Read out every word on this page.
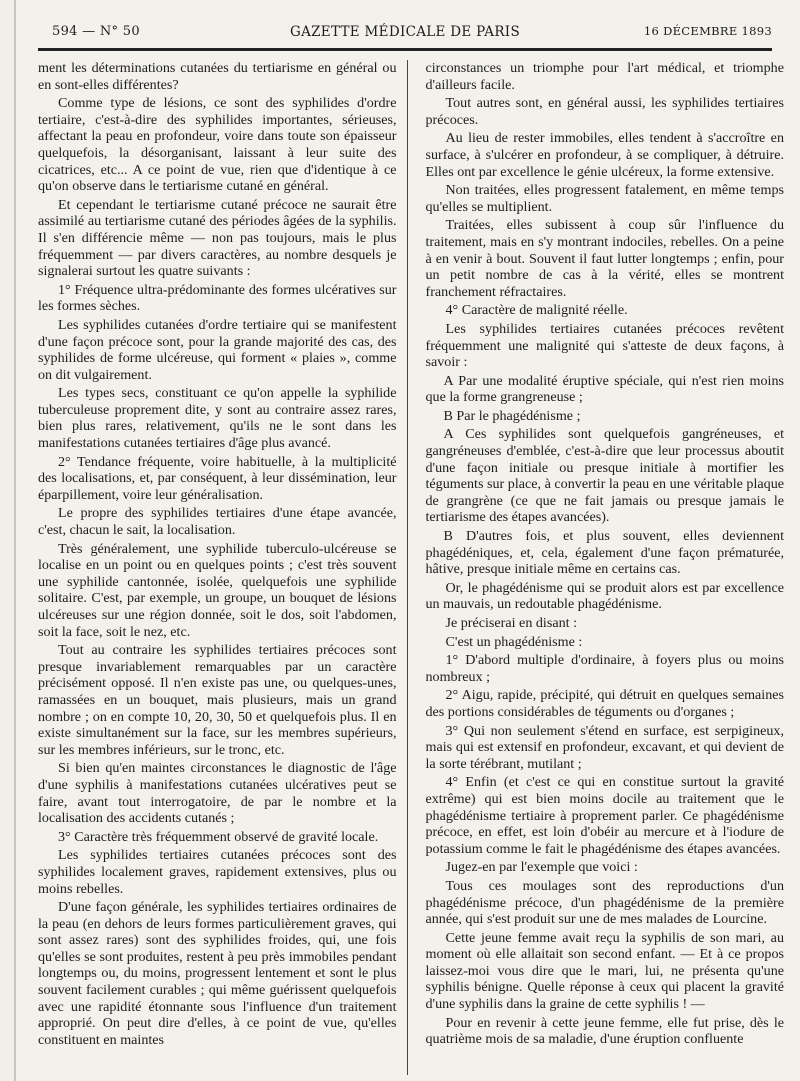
594 — N° 50	GAZETTE MÉDICALE DE PARIS	16 DÉCEMBRE 1893

ment les déterminations cutanées du tertiarisme en général ou en sont-elles différentes?

Comme type de lésions, ce sont des syphilides d'ordre tertiaire, c'est-à-dire des syphilides importantes, sérieuses, affectant la peau en profondeur, voire dans toute son épaisseur quelquefois, la désorganisant, laissant à leur suite des cicatrices, etc... A ce point de vue, rien que d'identique à ce qu'on observe dans le tertiarisme cutané en général.

Et cependant le tertiarisme cutané précoce ne saurait être assimilé au tertiarisme cutané des périodes âgées de la syphilis. Il s'en différencie même — non pas toujours, mais le plus fréquemment — par divers caractères, au nombre desquels je signalerai surtout les quatre suivants :

1° Fréquence ultra-prédominante des formes ulcératives sur les formes sèches.

Les syphilides cutanées d'ordre tertiaire qui se manifestent d'une façon précoce sont, pour la grande majorité des cas, des syphilides de forme ulcéreuse, qui forment « plaies », comme on dit vulgairement.

Les types secs, constituant ce qu'on appelle la syphilide tuberculeuse proprement dite, y sont au contraire assez rares, bien plus rares, relativement, qu'ils ne le sont dans les manifestations cutanées tertiaires d'âge plus avancé.

2° Tendance fréquente, voire habituelle, à la multiplicité des localisations, et, par conséquent, à leur dissémination, leur éparpillement, voire leur généralisation.

Le propre des syphilides tertiaires d'une étape avancée, c'est, chacun le sait, la localisation.

Très généralement, une syphilide tuberculo-ulcéreuse se localise en un point ou en quelques points ; c'est très souvent une syphilide cantonnée, isolée, quelquefois une syphilide solitaire. C'est, par exemple, un groupe, un bouquet de lésions ulcéreuses sur une région donnée, soit le dos, soit l'abdomen, soit la face, soit le nez, etc.

Tout au contraire les syphilides tertiaires précoces sont presque invariablement remarquables par un caractère précisément opposé. Il n'en existe pas une, ou quelques-unes, ramassées en un bouquet, mais plusieurs, mais un grand nombre ; on en compte 10, 20, 30, 50 et quelquefois plus. Il en existe simultanément sur la face, sur les membres supérieurs, sur les membres inférieurs, sur le tronc, etc.

Si bien qu'en maintes circonstances le diagnostic de l'âge d'une syphilis à manifestations cutanées ulcératives peut se faire, avant tout interrogatoire, de par le nombre et la localisation des accidents cutanés ;

3° Caractère très fréquemment observé de gravité locale.

Les syphilides tertiaires cutanées précoces sont des syphilides localement graves, rapidement extensives, plus ou moins rebelles.

D'une façon générale, les syphilides tertiaires ordinaires de la peau (en dehors de leurs formes particulièrement graves, qui sont assez rares) sont des syphilides froides, qui, une fois qu'elles se sont produites, restent à peu près immobiles pendant longtemps ou, du moins, progressent lentement et sont le plus souvent facilement curables ; qui même guérissent quelquefois avec une rapidité étonnante sous l'influence d'un traitement approprié. On peut dire d'elles, à ce point de vue, qu'elles constituent en maintes

circonstances un triomphe pour l'art médical, et triomphe d'ailleurs facile.

Tout autres sont, en général aussi, les syphilides tertiaires précoces.

Au lieu de rester immobiles, elles tendent à s'accroître en surface, à s'ulcérer en profondeur, à se compliquer, à détruire. Elles ont par excellence le génie ulcéreux, la forme extensive.

Non traitées, elles progressent fatalement, en même temps qu'elles se multiplient.

Traitées, elles subissent à coup sûr l'influence du traitement, mais en s'y montrant indociles, rebelles. On a peine à en venir à bout. Souvent il faut lutter longtemps ; enfin, pour un petit nombre de cas à la vérité, elles se montrent franchement réfractaires.

4° Caractère de malignité réelle.

Les syphilides tertiaires cutanées précoces revêtent fréquemment une malignité qui s'atteste de deux façons, à savoir :

A Par une modalité éruptive spéciale, qui n'est rien moins que la forme grangreneuse ;

B Par le phagédénisme ;

A Ces syphilides sont quelquefois gangréneuses, et gangréneuses d'emblée, c'est-à-dire que leur processus aboutit d'une façon initiale ou presque initiale à mortifier les téguments sur place, à convertir la peau en une véritable plaque de grangrène (ce que ne fait jamais ou presque jamais le tertiarisme des étapes avancées).

B D'autres fois, et plus souvent, elles deviennent phagédéniques, et, cela, également d'une façon prématurée, hâtive, presque initiale même en certains cas.

Or, le phagédénisme qui se produit alors est par excellence un mauvais, un redoutable phagédénisme.

Je préciserai en disant :

C'est un phagédénisme :

1° D'abord multiple d'ordinaire, à foyers plus ou moins nombreux ;

2° Aigu, rapide, précipité, qui détruit en quelques semaines des portions considérables de téguments ou d'organes ;

3° Qui non seulement s'étend en surface, est serpigineux, mais qui est extensif en profondeur, excavant, et qui devient de la sorte térébrant, mutilant ;

4° Enfin (et c'est ce qui en constitue surtout la gravité extrême) qui est bien moins docile au traitement que le phagédénisme tertiaire à proprement parler. Ce phagédénisme précoce, en effet, est loin d'obéir au mercure et à l'iodure de potassium comme le fait le phagédénisme des étapes avancées.

Jugez-en par l'exemple que voici :

Tous ces moulages sont des reproductions d'un phagédénisme précoce, d'un phagédénisme de la première année, qui s'est produit sur une de mes malades de Lourcine.

Cette jeune femme avait reçu la syphilis de son mari, au moment où elle allaitait son second enfant. — Et à ce propos laissez-moi vous dire que le mari, lui, ne présenta qu'une syphilis bénigne. Quelle réponse à ceux qui placent la gravité d'une syphilis dans la graine de cette syphilis ! —

Pour en revenir à cette jeune femme, elle fut prise, dès le quatrième mois de sa maladie, d'une éruption confluente
